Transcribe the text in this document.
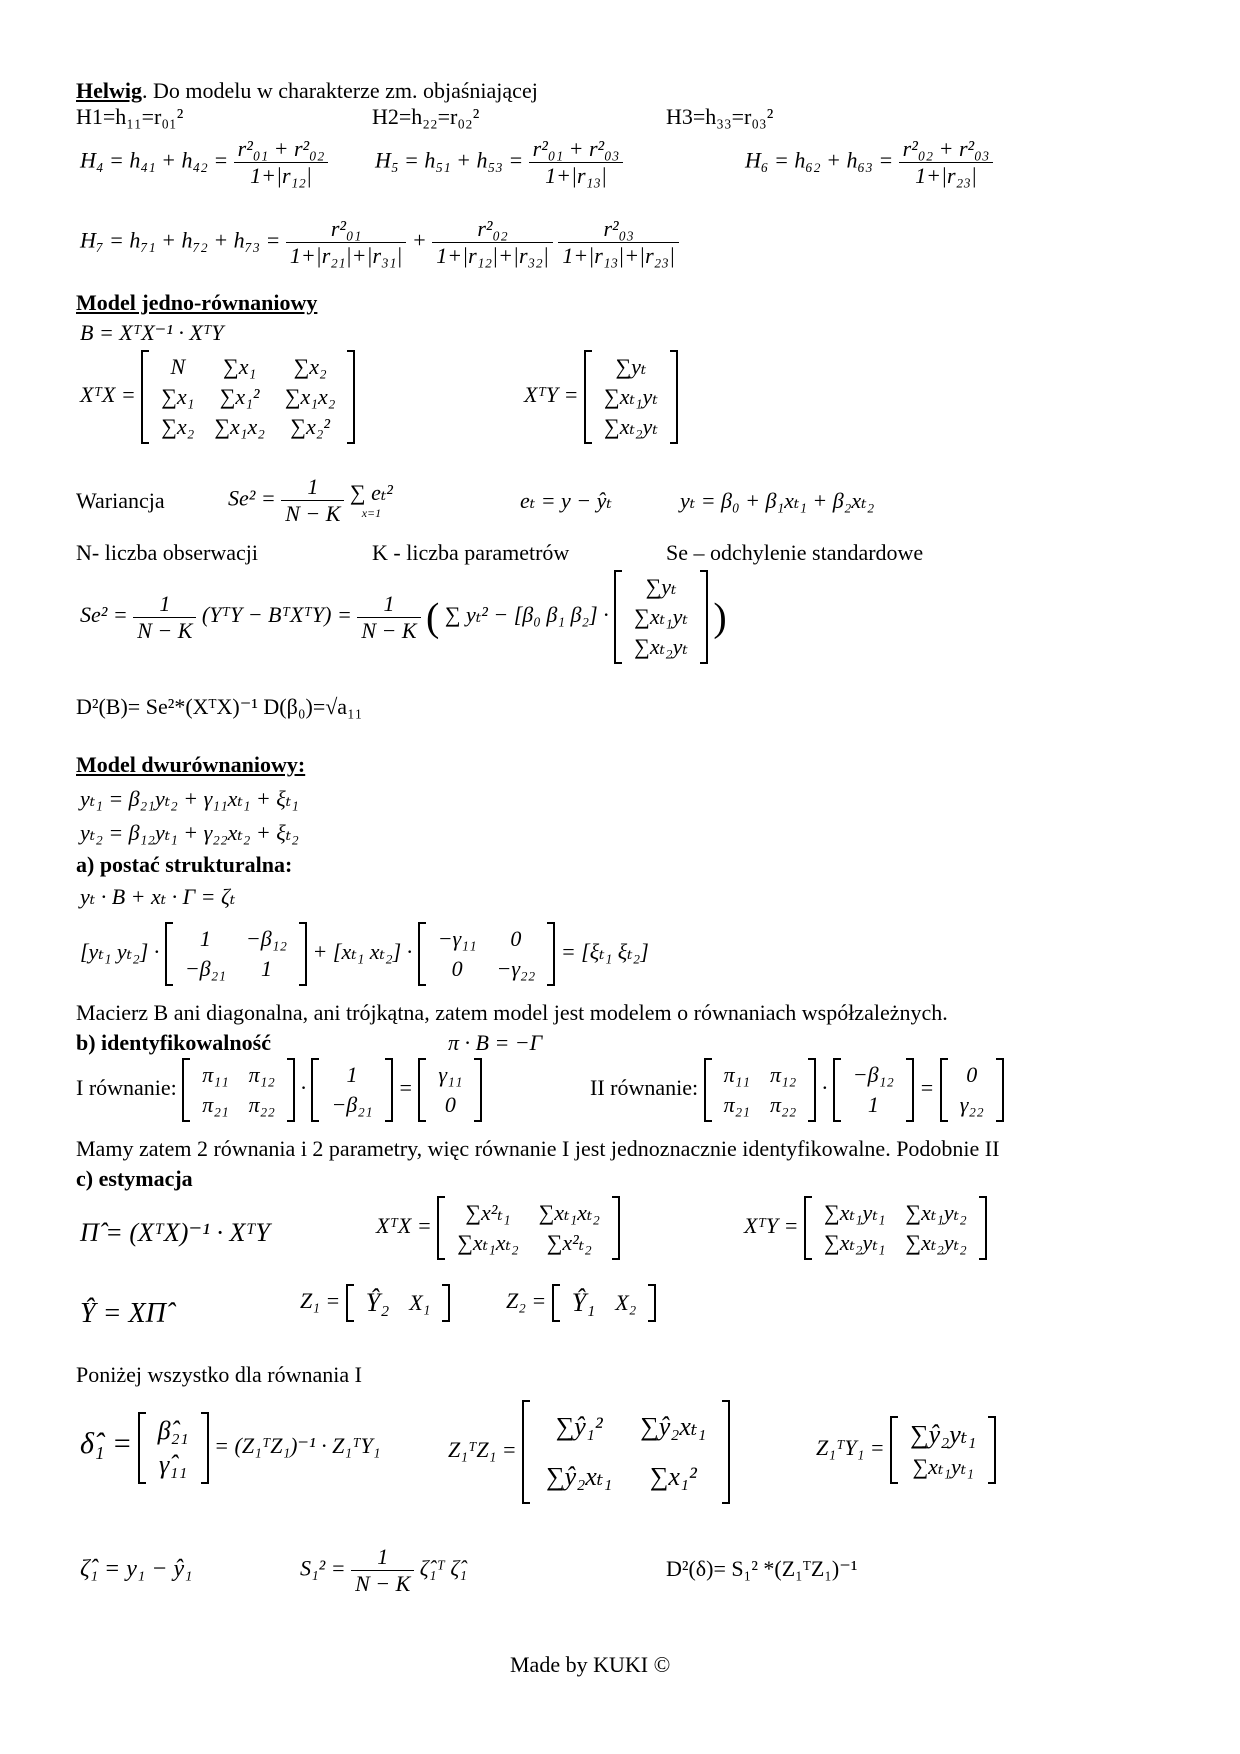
Helwig. Do modelu w charakterze zm. objaśniającej
H1=h₁₁=r₀₁²	H2=h₂₂=r₀₂²	H3=h₃₃=r₀₃²
$H_4 = h_{41} + h_{42} = \frac{\text{r²₀₁ + r²₀₂}}{\text{1+|r₁₂|}} H_5 = h_{51} + h_{53} = \frac{\text{r²₀₁ + r²₀₃}}{\text{1+|r₁₃|}}$	$H_6 = h_{62} + h_{63} = \frac{\text{r²₀₂ + r²₀₃}}{\text{1+|r₂₃|}}$
$H_7 = h_{71} + h_{72} + h_{73} = \frac{\text{r²₀₁}}{\text{1+|r₂₁|+|r₃₁|}} + \frac{\text{r²₀₂}}{\text{1+|r₁₂|+|r₃₂|}}$
$\frac{\text{r²₀₃}}{\text{1+|r₁₃|+|r₂₃|}}$
Model jedno-równaniowy
B = XᵀX⁻¹ · XᵀY
XᵀX =
N	∑x₁	∑x₂
∑x₁	∑x₁²	∑x₁x₂
∑x₂	∑x₁x₂	∑x₂²
XᵀY =
∑yₜ
∑xₜ₁yₜ
∑xₜ₂yₜ
Wariancja	$Se^2 = \frac{1}{N - K}$
∑ eₜ²
x=1	eₜ = y − ŷₜ	yₜ = β₀ + β₁xₜ₁ + β₂xₜ₂
N- liczba obserwacji	K - liczba parametrów	Se – odchylenie standardowe
$Se^2 = \frac{1}{N - K}$ (YᵀY − BᵀXᵀY) = $\frac{1}{N - K}$ ( ∑ yₜ² − [β₀ β₁ β₂] ·
∑yₜ
∑xₜ₁yₜ
∑xₜ₂yₜ
)
D²(B)= Se²*(XᵀX)⁻¹ D(β₀)=√a₁₁
Model dwurównaniowy:
yₜ₁ = β₂₁yₜ₂ + γ₁₁xₜ₁ + ξₜ₁
yₜ₂ = β₁₂yₜ₁ + γ₂₂xₜ₂ + ξₜ₂
a) postać strukturalna:
yₜ · B + xₜ · Γ = ζₜ
[yₜ₁ yₜ₂] ·
1	−β₁₂
−β₂₁	1
+ [xₜ₁ xₜ₂] ·
−γ₁₁	0
0	−γ₂₂
= [ξₜ₁ ξₜ₂]
Macierz B ani diagonalna, ani trójkątna, zatem model jest modelem o równaniach współzależnych.
b) identyfikowalność	π · B = −Γ
I równanie:
π₁₁	π₁₂
π₂₁	π₂₂
·
1
−β₂₁
=
γ₁₁
0
II równanie:
π₁₁	π₁₂
π₂₁	π₂₂
·
−β₁₂
1
=
0
γ₂₂
Mamy zatem 2 równania i 2 parametry, więc równanie I jest jednoznacznie identyfikowalne. Podobnie II
c) estymacja
Π̂ = (XᵀX)⁻¹ · XᵀY	XᵀX =
∑x²ₜ₁	∑xₜ₁xₜ₂
∑xₜ₁xₜ₂	∑x²ₜ₂
XᵀY =
∑xₜ₁yₜ₁	∑xₜ₁yₜ₂
∑xₜ₂yₜ₁	∑xₜ₂yₜ₂
Ŷ = XΠ̂	Z₁ = Ŷ₂	X₁	Z₂ = Ŷ₁	X₂
Poniżej wszystko dla równania I
δ̂₁ = β̂₂₁
γ̂₁₁
= (Z₁ᵀZ₁)⁻¹ · Z₁ᵀY₁	Z₁ᵀZ₁ =
∑ŷ₁²	∑ŷ₂xₜ₁
∑ŷ₂xₜ₁	∑x₁²
Z₁ᵀY₁ = ∑ŷ₂yₜ₁
∑xₜ₁yₜ₁
ζ̂₁ = y₁ − ŷ₁	$S_1^2 = \frac{1}{N - K}$ ζ̂₁ᵀ ζ̂₁	D²(δ)= S₁² *(Z₁ᵀZ₁)⁻¹
Made by KUKI ©
